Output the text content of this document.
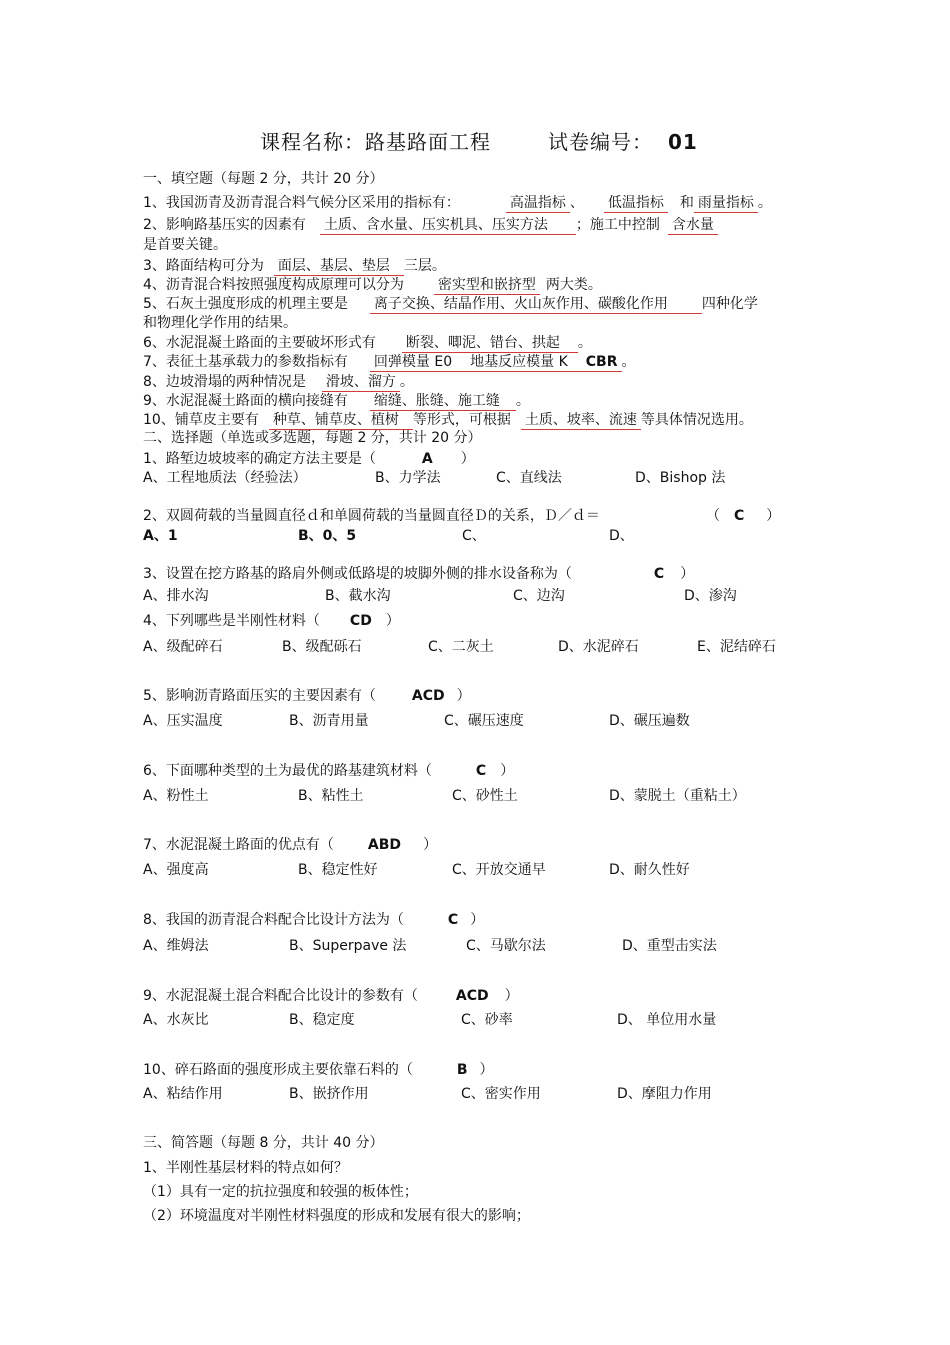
课程名称：路基路面工程	试卷编号： 01
一、填空题（每题 2 分，共计 20 分）
1、我国沥青及沥青混合料气候分区采用的指标有：	高温指标 、 低温指标 和 雨量指标 。
2、影响路基压实的因素有 土质、含水量、压实机具、压实方法 ；施工中控制 含水量
是首要关键。
3、路面结构可分为 面层、基层、垫层 三层。
4、沥青混合料按照强度构成原理可以分为 密实型和嵌挤型 两大类。
5、石灰土强度形成的机理主要是 离子交换、结晶作用、火山灰作用、碳酸化作用 四种化学
和物理化学作用的结果。
6、水泥混凝土路面的主要破坏形式有 断裂、唧泥、错台、拱起 。
7、表征土基承载力的参数指标有 回弹模量 E0 地基反应模量 K CBR 。
8、边坡滑塌的两种情况是 滑坡、溜方 。
9、水泥混凝土路面的横向接缝有 缩缝、胀缝、施工缝 。
10、铺草皮主要有 种草、铺草皮、植树 等形式，可根据 土质、坡率、流速 等具体情况选用。
二、选择题（单选或多选题，每题 2 分，共计 20 分）
1、路堑边坡坡率的确定方法主要是（	A ）
A、工程地质法（经验法）	B、力学法	C、直线法	D、Bishop 法
2、双圆荷载的当量圆直径ｄ和单圆荷载的当量圆直径Ｄ的关系，Ｄ／ｄ＝	（ C ）
A、1	B、0、5	C、	D、
3、设置在挖方路基的路肩外侧或低路堤的坡脚外侧的排水设备称为（	C ）
A、排水沟	B、截水沟	C、边沟	D、渗沟
4、下列哪些是半刚性材料（ CD ）
A、级配碎石	B、级配砾石	C、二灰土	D、水泥碎石	E、泥结碎石
5、影响沥青路面压实的主要因素有（	ACD ）
A、压实温度	B、沥青用量	C、碾压速度	D、碾压遍数
6、下面哪种类型的土为最优的路基建筑材料（	C ）
A、粉性土	B、粘性土	C、砂性土	D、蒙脱土（重粘土）
7、水泥混凝土路面的优点有（ ABD ）
A、强度高	B、稳定性好	C、开放交通早	D、耐久性好
8、我国的沥青混合料配合比设计方法为（	C ）
A、维姆法	B、Superpave 法	C、马歇尔法	D、重型击实法
9、水泥混凝土混合料配合比设计的参数有（	ACD ）
A、水灰比	B、稳定度	C、砂率	D、 单位用水量
10、碎石路面的强度形成主要依靠石料的（	B ）
A、粘结作用	B、嵌挤作用	C、密实作用	D、摩阻力作用
三、简答题（每题 8 分，共计 40 分）
1、半刚性基层材料的特点如何？
（1）具有一定的抗拉强度和较强的板体性；
（2）环境温度对半刚性材料强度的形成和发展有很大的影响；
